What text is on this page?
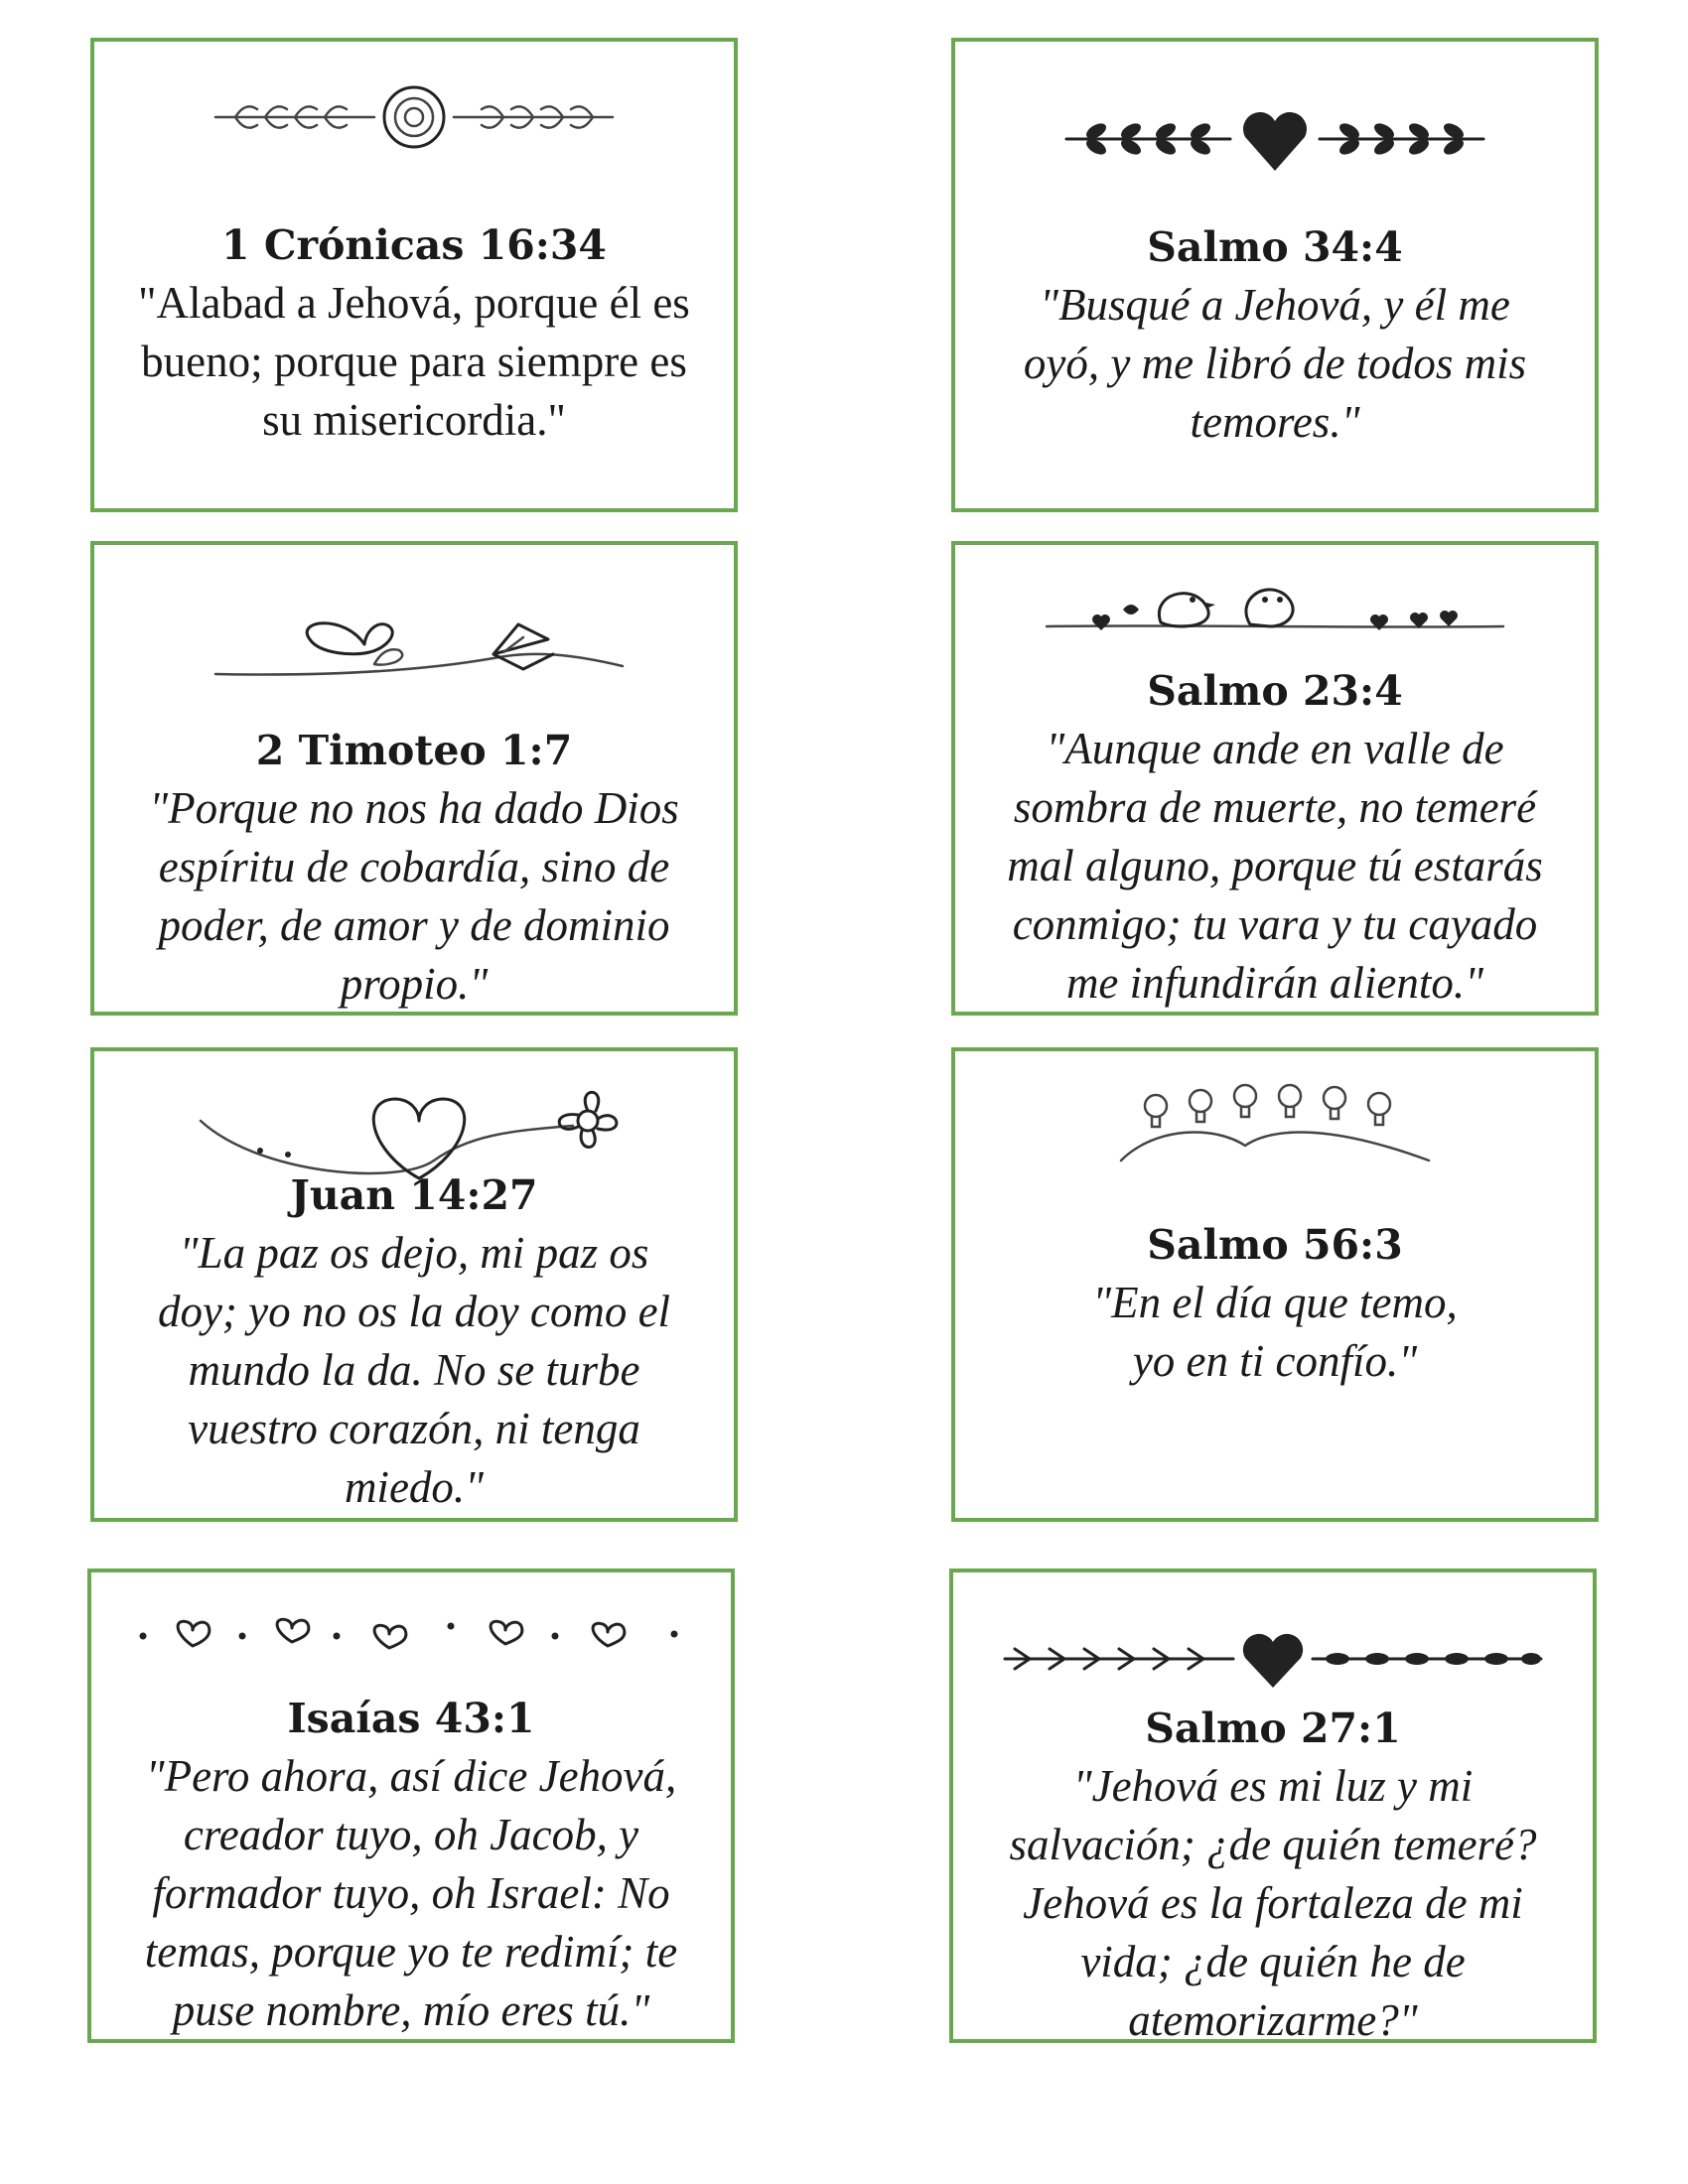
1 Crónicas 16:34
"Alabad a Jehová, porque él es bueno; porque para siempre es su misericordia."
Salmo 34:4
"Busqué a Jehová, y él me oyó, y me libró de todos mis temores."
2 Timoteo 1:7
"Porque no nos ha dado Dios espíritu de cobardía, sino de poder, de amor y de dominio propio."
Salmo 23:4
"Aunque ande en valle de sombra de muerte, no temeré mal alguno, porque tú estarás conmigo; tu vara y tu cayado me infundirán aliento."
Juan 14:27
"La paz os dejo, mi paz os doy; yo no os la doy como el mundo la da. No se turbe vuestro corazón, ni tenga miedo."
Salmo 56:3
"En el día que temo, yo en ti confío."
Isaías 43:1
"Pero ahora, así dice Jehová, creador tuyo, oh Jacob, y formador tuyo, oh Israel: No temas, porque yo te redimí; te puse nombre, mío eres tú."
Salmo 27:1
"Jehová es mi luz y mi salvación; ¿de quién temeré? Jehová es la fortaleza de mi vida; ¿de quién he de atemorizarme?"
